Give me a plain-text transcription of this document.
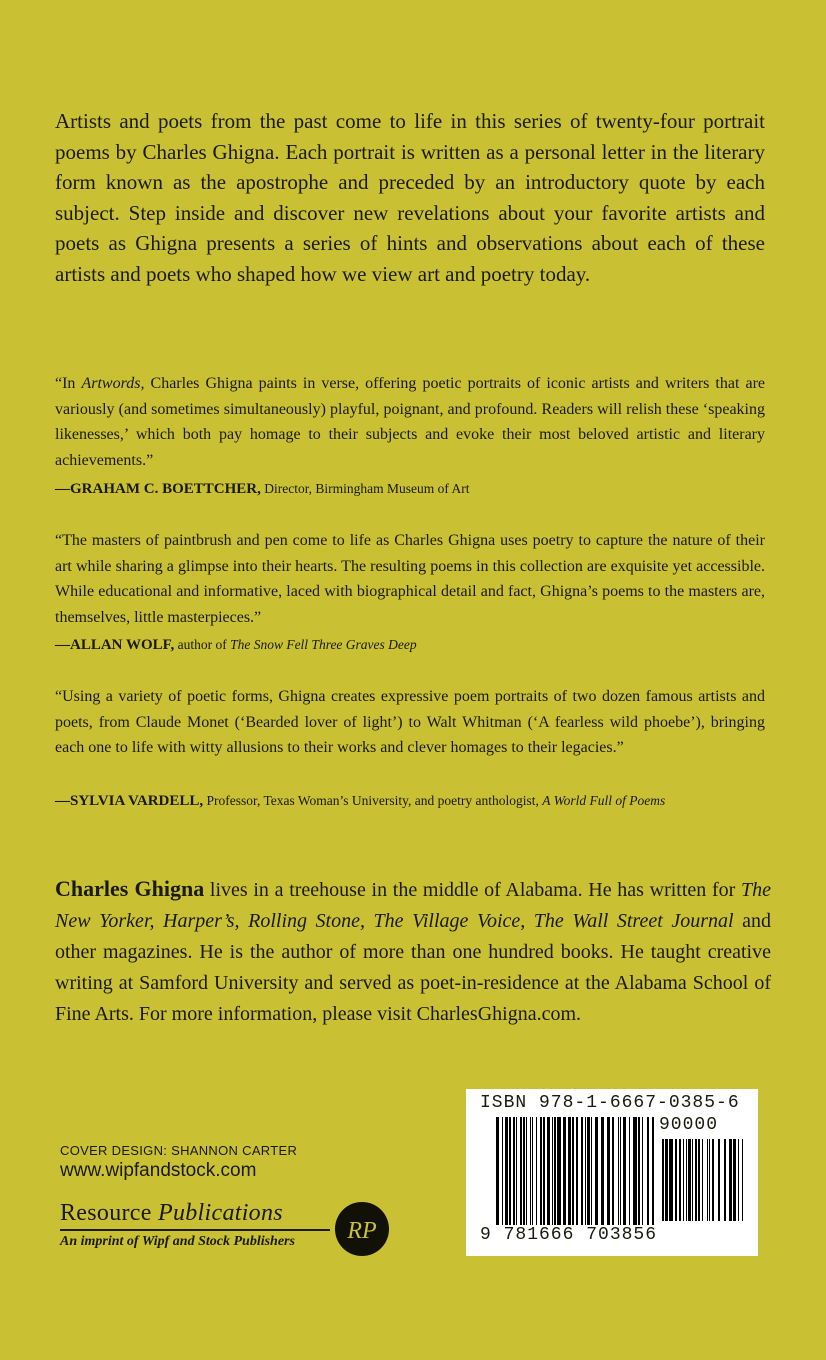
Artists and poets from the past come to life in this series of twenty-four portrait poems by Charles Ghigna. Each portrait is written as a personal letter in the literary form known as the apostrophe and preceded by an introductory quote by each subject. Step inside and discover new revelations about your favorite artists and poets as Ghigna presents a series of hints and observations about each of these artists and poets who shaped how we view art and poetry today.

“In Artwords, Charles Ghigna paints in verse, offering poetic portraits of iconic artists and writers that are variously (and sometimes simultaneously) playful, poignant, and profound. Readers will relish these ‘speaking likenesses,’ which both pay homage to their subjects and evoke their most beloved artistic and literary achievements.”

—GRAHAM C. BOETTCHER, Director, Birmingham Museum of Art

“The masters of paintbrush and pen come to life as Charles Ghigna uses poetry to capture the nature of their art while sharing a glimpse into their hearts. The resulting poems in this collection are exquisite yet accessible. While educational and informative, laced with biographical detail and fact, Ghigna’s poems to the masters are, themselves, little masterpieces.”

—ALLAN WOLF, author of The Snow Fell Three Graves Deep

“Using a variety of poetic forms, Ghigna creates expressive poem portraits of two dozen famous artists and poets, from Claude Monet (‘Bearded lover of light’) to Walt Whitman (‘A fearless wild phoebe’), bringing each one to life with witty allusions to their works and clever homages to their legacies.”

—SYLVIA VARDELL, Professor, Texas Woman’s University, and poetry anthologist, A World Full of Poems

Charles Ghigna lives in a treehouse in the middle of Alabama. He has written for The New Yorker, Harper’s, Rolling Stone, The Village Voice, The Wall Street Journal and other magazines. He is the author of more than one hundred books. He taught creative writing at Samford University and served as poet-in-residence at the Alabama School of Fine Arts. For more information, please visit CharlesGhigna.com.

COVER DESIGN: SHANNON CARTER
www.wipfandstock.com
Resource Publications
An imprint of Wipf and Stock Publishers	RP
ISBN 978-1-6667-0385-6
90000
9 781666 703856
